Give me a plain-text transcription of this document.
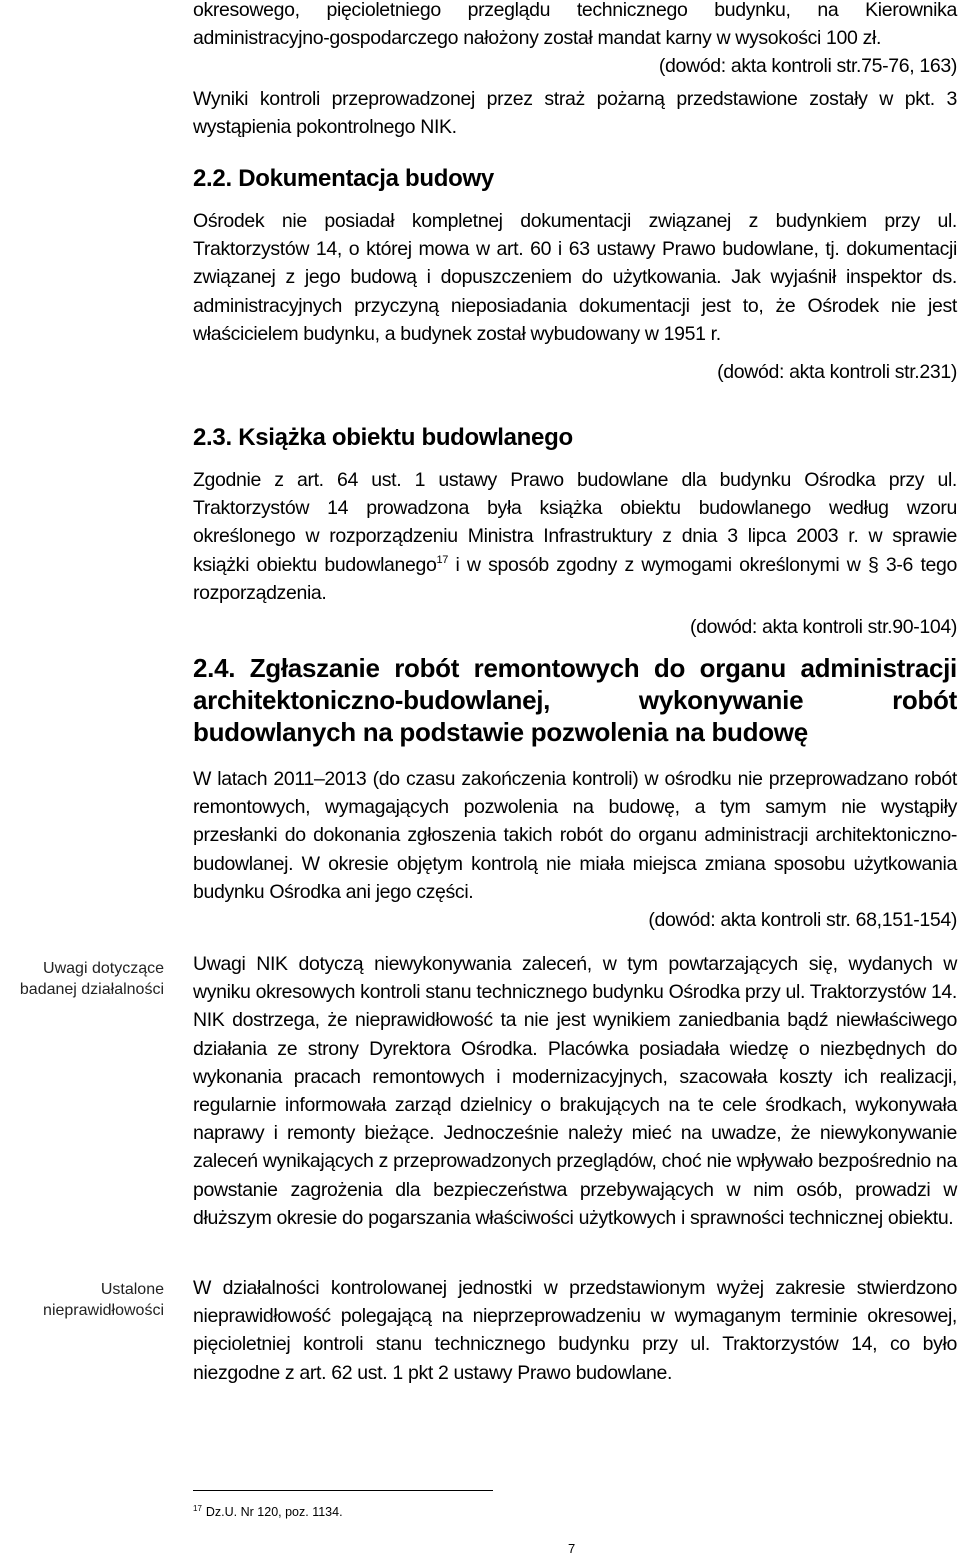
Uwagi dotyczące badanej działalności
Ustalone nieprawidłowości

okresowego, pięcioletniego przeglądu technicznego budynku, na Kierownika administracyjno-gospodarczego nałożony został mandat karny w wysokości 100 zł.

(dowód: akta kontroli str.75-76, 163)

Wyniki kontroli przeprowadzonej przez straż pożarną przedstawione zostały w pkt. 3 wystąpienia pokontrolnego NIK.

2.2. Dokumentacja budowy

Ośrodek nie posiadał kompletnej dokumentacji związanej z budynkiem przy ul. Traktorzystów 14, o której mowa w art. 60 i 63 ustawy Prawo budowlane, tj. dokumentacji związanej z jego budową i dopuszczeniem do użytkowania. Jak wyjaśnił inspektor ds. administracyjnych przyczyną nieposiadania dokumentacji jest to, że Ośrodek nie jest właścicielem budynku, a budynek został wybudowany w 1951 r.

(dowód: akta kontroli str.231)

2.3. Książka obiektu budowlanego

Zgodnie z art. 64 ust. 1 ustawy Prawo budowlane dla budynku Ośrodka przy ul. Traktorzystów 14 prowadzona była książka obiektu budowlanego według wzoru określonego w rozporządzeniu Ministra Infrastruktury z dnia 3 lipca 2003 r. w sprawie książki obiektu budowlanego$^{17}$ i w sposób zgodny z wymogami określonymi w § 3-6 tego rozporządzenia.

(dowód: akta kontroli str.90-104)

2.4. Zgłaszanie robót remontowych do organu administracji architektoniczno-budowlanej, wykonywanie robót budowlanych na podstawie pozwolenia na budowę

W latach 2011–2013 (do czasu zakończenia kontroli) w ośrodku nie przeprowadzano robót remontowych, wymagających pozwolenia na budowę, a tym samym nie wystąpiły przesłanki do dokonania zgłoszenia takich robót do organu administracji architektoniczno-budowlanej. W okresie objętym kontrolą nie miała miejsca zmiana sposobu użytkowania budynku Ośrodka ani jego części.

(dowód: akta kontroli str. 68,151-154)

Uwagi NIK dotyczą niewykonywania zaleceń, w tym powtarzających się, wydanych w wyniku okresowych kontroli stanu technicznego budynku Ośrodka przy ul. Traktorzystów 14. NIK dostrzega, że nieprawidłowość ta nie jest wynikiem zaniedbania bądź niewłaściwego działania ze strony Dyrektora Ośrodka. Placówka posiadała wiedzę o niezbędnych do wykonania pracach remontowych i modernizacyjnych, szacowała koszty ich realizacji, regularnie informowała zarząd dzielnicy o brakujących na te cele środkach, wykonywała naprawy i remonty bieżące. Jednocześnie należy mieć na uwadze, że niewykonywanie zaleceń wynikających z przeprowadzonych przeglądów, choć nie wpływało bezpośrednio na powstanie zagrożenia dla bezpieczeństwa przebywających w nim osób, prowadzi w dłuższym okresie do pogarszania właściwości użytkowych i sprawności technicznej obiektu.

W działalności kontrolowanej jednostki w przedstawionym wyżej zakresie stwierdzono nieprawidłowość polegającą na nieprzeprowadzeniu w wymaganym terminie okresowej, pięcioletniej kontroli stanu technicznego budynku przy ul. Traktorzystów 14, co było niezgodne z art. 62 ust. 1 pkt 2 ustawy Prawo budowlane.

$^{17}$ Dz.U. Nr 120, poz. 1134.
7
